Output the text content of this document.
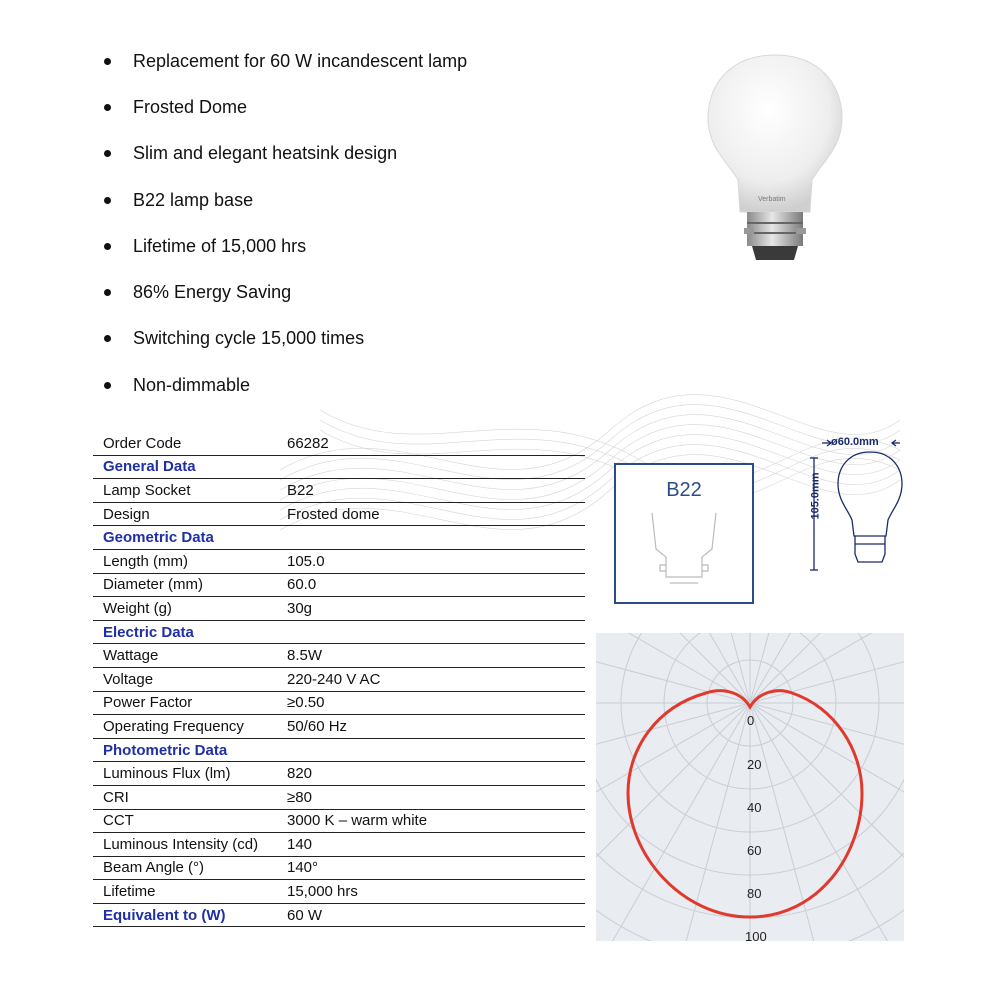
Replacement for 60 W incandescent lamp
Frosted Dome
Slim and elegant heatsink design
B22 lamp base
Lifetime of 15,000 hrs
86% Energy Saving
Switching cycle 15,000 times
Non-dimmable
Verbatim
Order Code	66282
General Data
Lamp Socket	B22
Design	Frosted dome
Geometric Data
Length (mm)	105.0
Diameter (mm)	60.0
Weight (g)	30g
Electric Data
Wattage	8.5W
Voltage	220-240 V AC
Power Factor	≥0.50
Operating Frequency	50/60 Hz
Photometric Data
Luminous Flux (lm)	820
CRI	≥80
CCT	3000 K – warm white
Luminous Intensity (cd)	140
Beam Angle (°)	140°
Lifetime	15,000 hrs
Equivalent to (W)	60 W
B22
ø60.0mm
105.0mm
0
20
40
60
80
100
